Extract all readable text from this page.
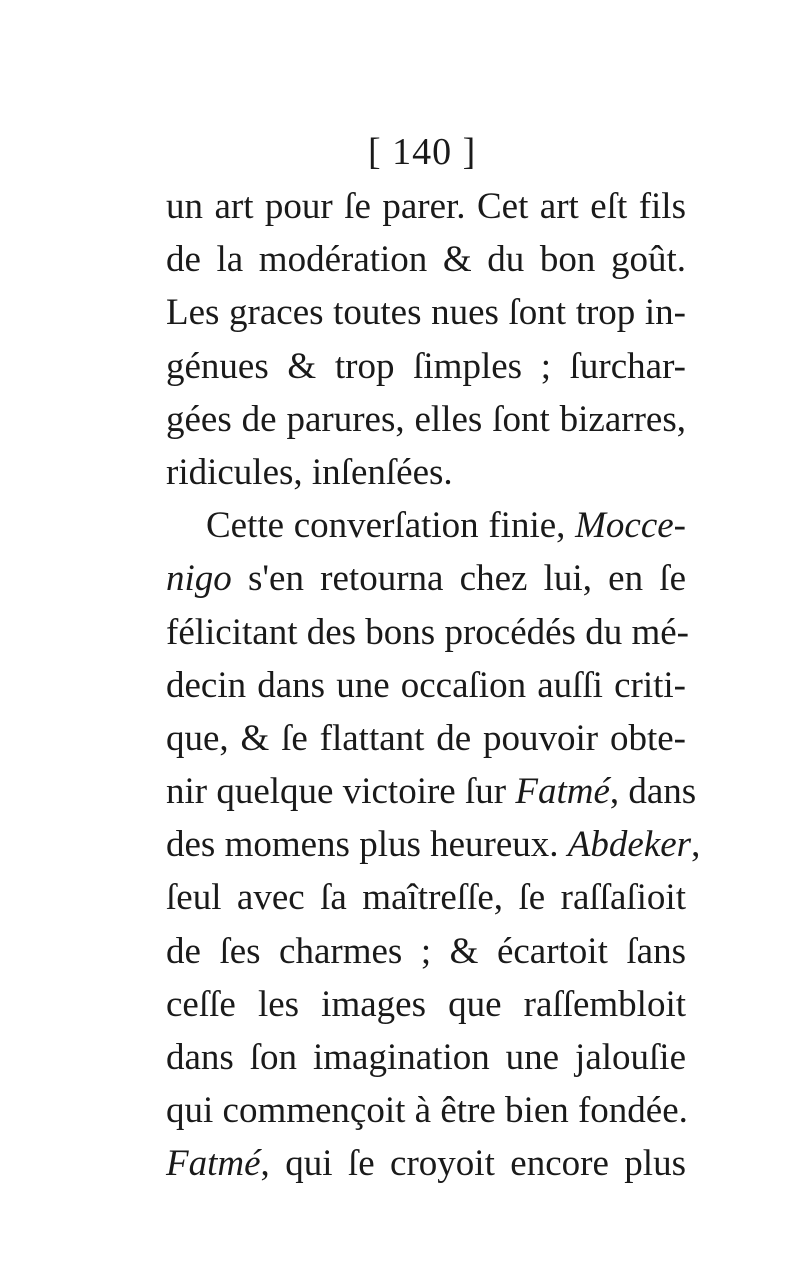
[ 140 ]
un art pour ſe parer. Cet art eſt fils
de la modération & du bon goût.
Les graces toutes nues ſont trop in-
génues & trop ſimples ; ſurchar-
gées de parures, elles ſont bizarres,
ridicules, inſenſées.
Cette converſation finie, Mocce-
nigo s'en retourna chez lui, en ſe
félicitant des bons procédés du mé-
decin dans une occaſion auſſi criti-
que, & ſe flattant de pouvoir obte-
nir quelque victoire ſur Fatmé, dans
des momens plus heureux. Abdeker,
ſeul avec ſa maîtreſſe, ſe raſſaſioit
de ſes charmes ; & écartoit ſans
ceſſe les images que raſſembloit
dans ſon imagination une jalouſie
qui commençoit à être bien fondée.
Fatmé, qui ſe croyoit encore plus
